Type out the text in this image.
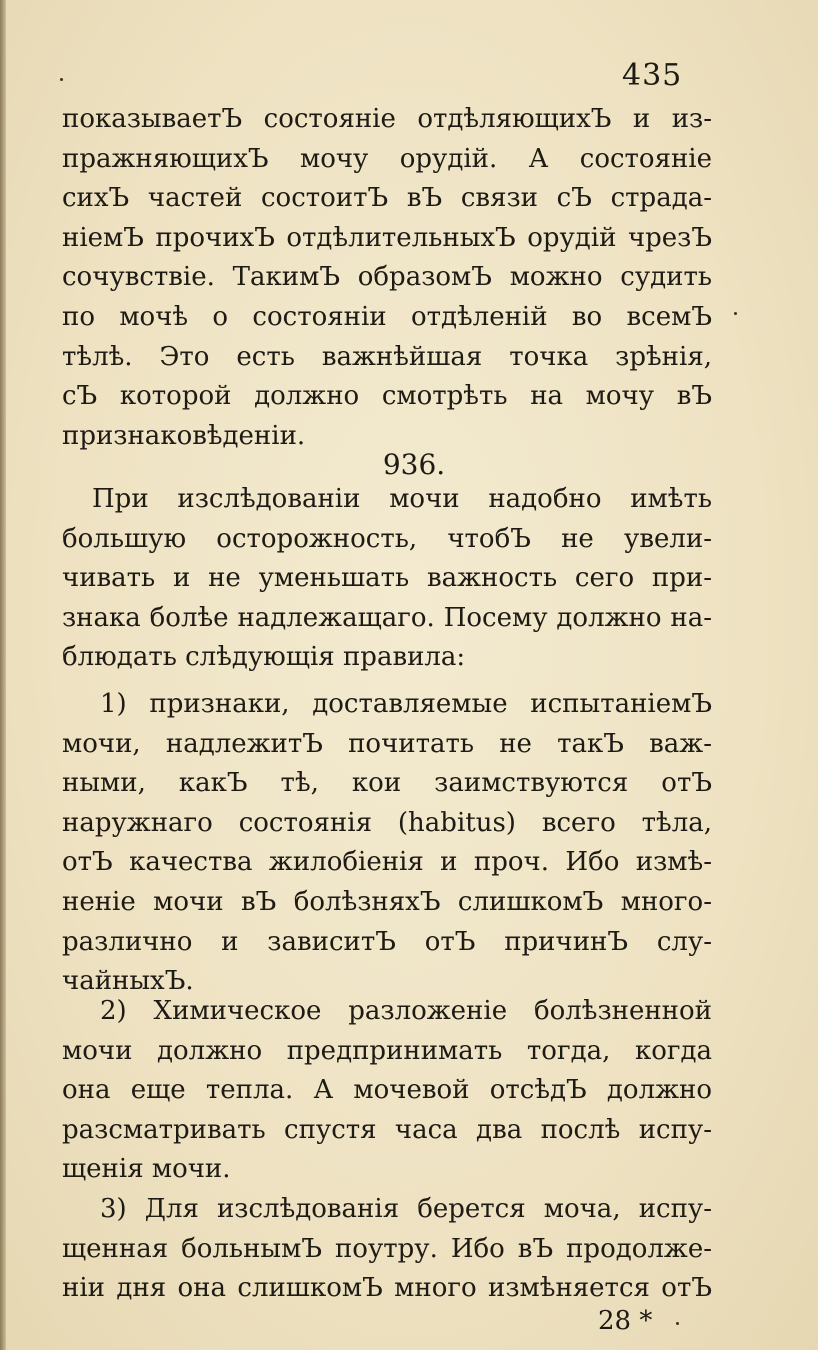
435
показываетЪ состоянiе отдѣляющихЪ и из-
пражняющихЪ мочу орудiй. А состоянiе
сихЪ частей состоитЪ вЪ связи сЪ страда-
нiемЪ прочихЪ отдѣлительныхЪ орудiй чрезЪ
сочувствiе. ТакимЪ образомЪ можно судить
по мочѣ о состоянiи отдѣленiй во всемЪ
тѣлѣ. Это есть важнѣйшая точка зрѣнiя,
сЪ которой должно смотрѣть на мочу вЪ
признаковѣденiи.
936.
При изслѣдованiи мочи надобно имѣть
большую осторожность, чтобЪ не увели-
чивать и не уменьшать важность сего при-
знака болѣе надлежащаго. Посему должно на-
блюдать слѣдующiя правила:
1) признаки, доставляемые испытанiемЪ
мочи, надлежитЪ почитать не такЪ важ-
ными, какЪ тѣ, кои заимствуются отЪ
наружнаго состоянiя (habitus) всего тѣла,
отЪ качества жилобiенiя и проч. Ибо измѣ-
ненiе мочи вЪ болѣзняхЪ слишкомЪ много-
различно и зависитЪ отЪ причинЪ слу-
чайныхЪ.
2) Химическое разложенiе болѣзненной
мочи должно предпринимать тогда, когда
она еще тепла. А мочевой отсѣдЪ должно
разсматривать спустя часа два послѣ испу-
щенiя мочи.
3) Для изслѣдованiя берется моча, испу-
щенная больнымЪ поутру. Ибо вЪ продолже-
нiи дня она слишкомЪ много измѣняется отЪ
28 *
